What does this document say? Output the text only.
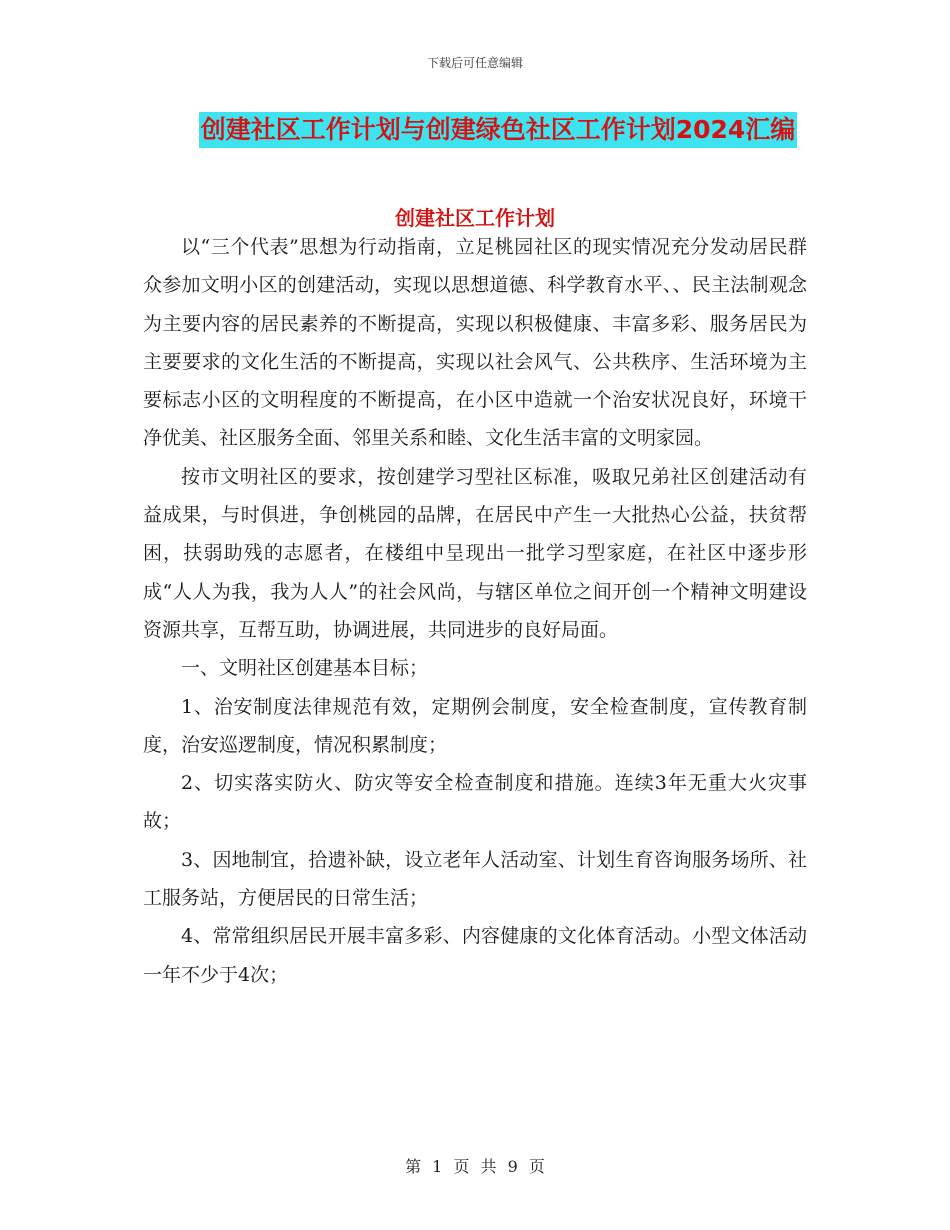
下载后可任意编辑
创建社区工作计划与创建绿色社区工作计划2024汇编
创建社区工作计划

以“三个代表”思想为行动指南，立足桃园社区的现实情况充分发动居民群众参加文明小区的创建活动，实现以思想道德、科学教育水平、、民主法制观念为主要内容的居民素养的不断提高，实现以积极健康、丰富多彩、服务居民为主要要求的文化生活的不断提高，实现以社会风气、公共秩序、生活环境为主要标志小区的文明程度的不断提高，在小区中造就一个治安状况良好，环境干净优美、社区服务全面、邻里关系和睦、文化生活丰富的文明家园。

按市文明社区的要求，按创建学习型社区标准，吸取兄弟社区创建活动有益成果，与时俱进，争创桃园的品牌，在居民中产生一大批热心公益，扶贫帮困，扶弱助残的志愿者，在楼组中呈现出一批学习型家庭，在社区中逐步形成“人人为我，我为人人”的社会风尚，与辖区单位之间开创一个精神文明建设资源共享，互帮互助，协调进展，共同进步的良好局面。

一、文明社区创建基本目标；

1、治安制度法律规范有效，定期例会制度，安全检查制度，宣传教育制度，治安巡逻制度，情况积累制度；

2、切实落实防火、防灾等安全检查制度和措施。连续3年无重大火灾事故；

3、因地制宜，拾遗补缺，设立老年人活动室、计划生育咨询服务场所、社工服务站，方便居民的日常生活；

4、常常组织居民开展丰富多彩、内容健康的文化体育活动。小型文体活动一年不少于4次；

第 1 页 共 9 页
